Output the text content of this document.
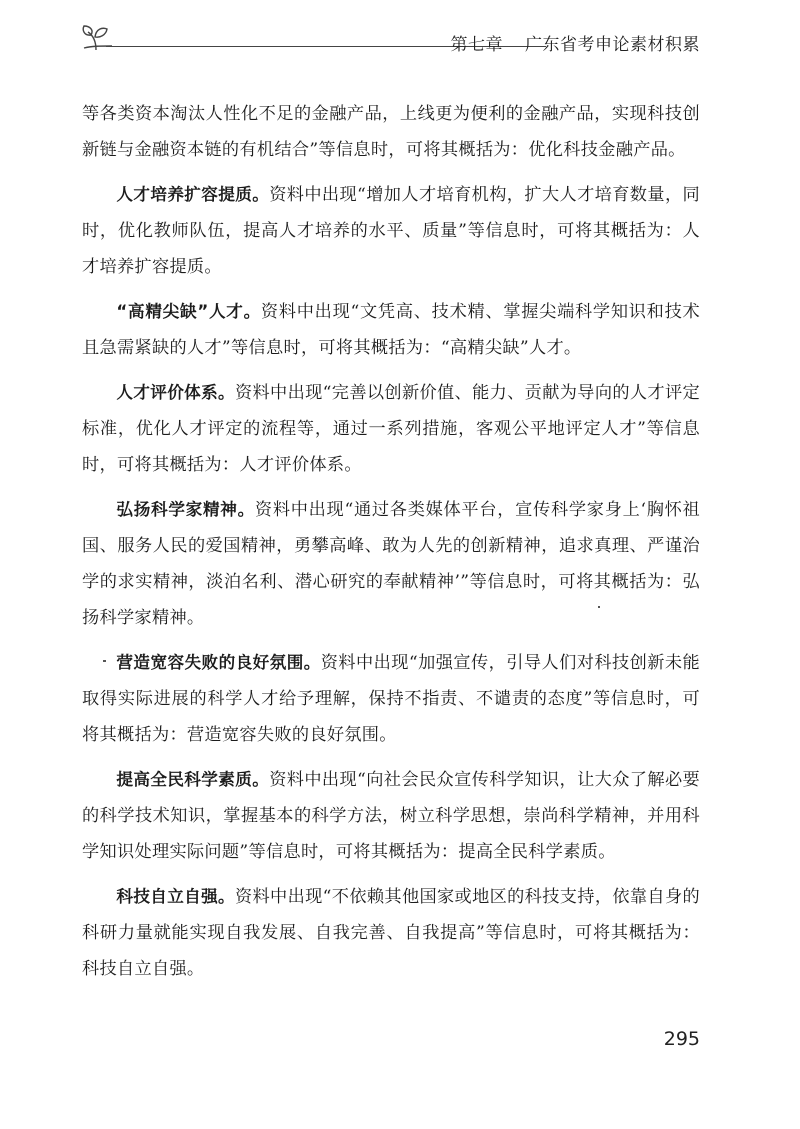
第七章 广东省考申论素材积累

等各类资本淘汰人性化不足的金融产品，上线更为便利的金融产品，实现科技创新链与金融资本链的有机结合”等信息时，可将其概括为：优化科技金融产品。

人才培养扩容提质。资料中出现“增加人才培育机构，扩大人才培育数量，同时，优化教师队伍，提高人才培养的水平、质量”等信息时，可将其概括为：人才培养扩容提质。

“高精尖缺”人才。资料中出现“文凭高、技术精、掌握尖端科学知识和技术且急需紧缺的人才”等信息时，可将其概括为：“高精尖缺”人才。

人才评价体系。资料中出现“完善以创新价值、能力、贡献为导向的人才评定标准，优化人才评定的流程等，通过一系列措施，客观公平地评定人才”等信息时，可将其概括为：人才评价体系。

弘扬科学家精神。资料中出现“通过各类媒体平台，宣传科学家身上‘胸怀祖国、服务人民的爱国精神，勇攀高峰、敢为人先的创新精神，追求真理、严谨治学的求实精神，淡泊名利、潜心研究的奉献精神’”等信息时，可将其概括为：弘扬科学家精神。

营造宽容失败的良好氛围。资料中出现“加强宣传，引导人们对科技创新未能取得实际进展的科学人才给予理解，保持不指责、不谴责的态度”等信息时，可将其概括为：营造宽容失败的良好氛围。

提高全民科学素质。资料中出现“向社会民众宣传科学知识，让大众了解必要的科学技术知识，掌握基本的科学方法，树立科学思想，崇尚科学精神，并用科学知识处理实际问题”等信息时，可将其概括为：提高全民科学素质。

科技自立自强。资料中出现“不依赖其他国家或地区的科技支持，依靠自身的科研力量就能实现自我发展、自我完善、自我提高”等信息时，可将其概括为：科技自立自强。

295
